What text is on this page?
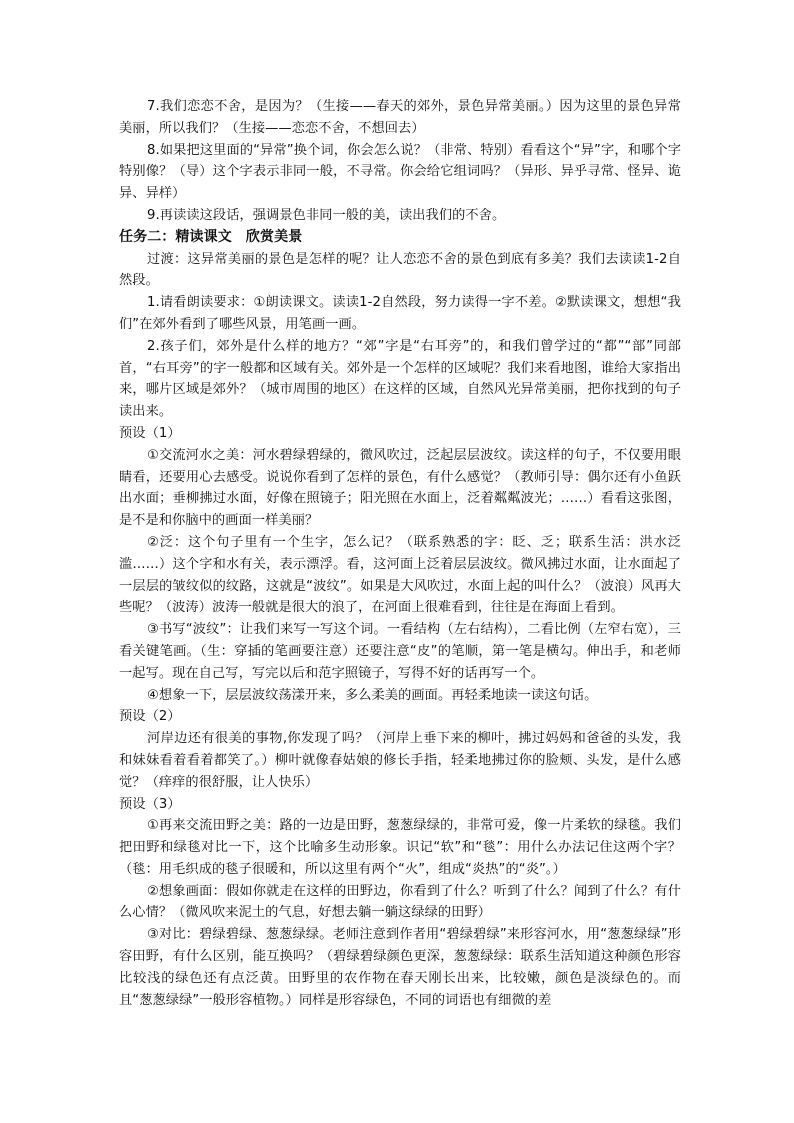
7.我们恋恋不舍，是因为？（生接——春天的郊外，景色异常美丽。）因为这里的景色异常美丽，所以我们？（生接——恋恋不舍，不想回去）

8.如果把这里面的“异常”换个词，你会怎么说？（非常、特别）看看这个“异”字，和哪个字特别像？（导）这个字表示非同一般，不寻常。你会给它组词吗？（异形、异乎寻常、怪异、诡异、异样）

9.再读读这段话，强调景色非同一般的美，读出我们的不舍。

任务二：精读课文　欣赏美景

过渡：这异常美丽的景色是怎样的呢？让人恋恋不舍的景色到底有多美？我们去读读1-2自然段。

1.请看朗读要求：①朗读课文。读读1-2自然段，努力读得一字不差。②默读课文，想想“我们”在郊外看到了哪些风景，用笔画一画。

2.孩子们，郊外是什么样的地方？“郊”字是“右耳旁”的，和我们曾学过的“都”“部”同部首，“右耳旁”的字一般都和区域有关。郊外是一个怎样的区域呢？我们来看地图，谁给大家指出来，哪片区域是郊外？（城市周围的地区）在这样的区域，自然风光异常美丽，把你找到的句子读出来。

预设（1）

①交流河水之美：河水碧绿碧绿的，微风吹过，泛起层层波纹。读这样的句子，不仅要用眼睛看，还要用心去感受。说说你看到了怎样的景色，有什么感觉？（教师引导：偶尔还有小鱼跃出水面；垂柳拂过水面，好像在照镜子；阳光照在水面上，泛着粼粼波光；……）看看这张图，是不是和你脑中的画面一样美丽？

②泛：这个句子里有一个生字，怎么记？（联系熟悉的字：眨、乏；联系生活：洪水泛滥……）这个字和水有关，表示漂浮。看，这河面上泛着层层波纹。微风拂过水面，让水面起了一层层的皱纹似的纹路，这就是“波纹”。如果是大风吹过，水面上起的叫什么？（波浪）风再大些呢？（波涛）波涛一般就是很大的浪了，在河面上很难看到，往往是在海面上看到。

③书写“波纹”：让我们来写一写这个词。一看结构（左右结构），二看比例（左窄右宽），三看关键笔画。（生：穿插的笔画要注意）还要注意“皮”的笔顺，第一笔是横勾。伸出手，和老师一起写。现在自己写，写完以后和范字照镜子，写得不好的话再写一个。

④想象一下，层层波纹荡漾开来，多么柔美的画面。再轻柔地读一读这句话。

预设（2）

河岸边还有很美的事物,你发现了吗？（河岸上垂下来的柳叶，拂过妈妈和爸爸的头发，我和妹妹看着看着都笑了。）柳叶就像春姑娘的修长手指，轻柔地拂过你的脸颊、头发，是什么感觉？（痒痒的很舒服，让人快乐）

预设（3）

①再来交流田野之美：路的一边是田野，葱葱绿绿的，非常可爱，像一片柔软的绿毯。我们把田野和绿毯对比一下，这个比喻多生动形象。识记“软”和“毯”：用什么办法记住这两个字？（毯：用毛织成的毯子很暖和，所以这里有两个“火”，组成“炎热”的“炎”。）

②想象画面：假如你就走在这样的田野边，你看到了什么？听到了什么？闻到了什么？有什么心情？（微风吹来泥土的气息，好想去躺一躺这绿绿的田野）

③对比：碧绿碧绿、葱葱绿绿。老师注意到作者用“碧绿碧绿”来形容河水，用“葱葱绿绿”形容田野，有什么区别，能互换吗？（碧绿碧绿颜色更深，葱葱绿绿：联系生活知道这种颜色形容比较浅的绿色还有点泛黄。田野里的农作物在春天刚长出来，比较嫩，颜色是淡绿色的。而且“葱葱绿绿”一般形容植物。）同样是形容绿色，不同的词语也有细微的差
